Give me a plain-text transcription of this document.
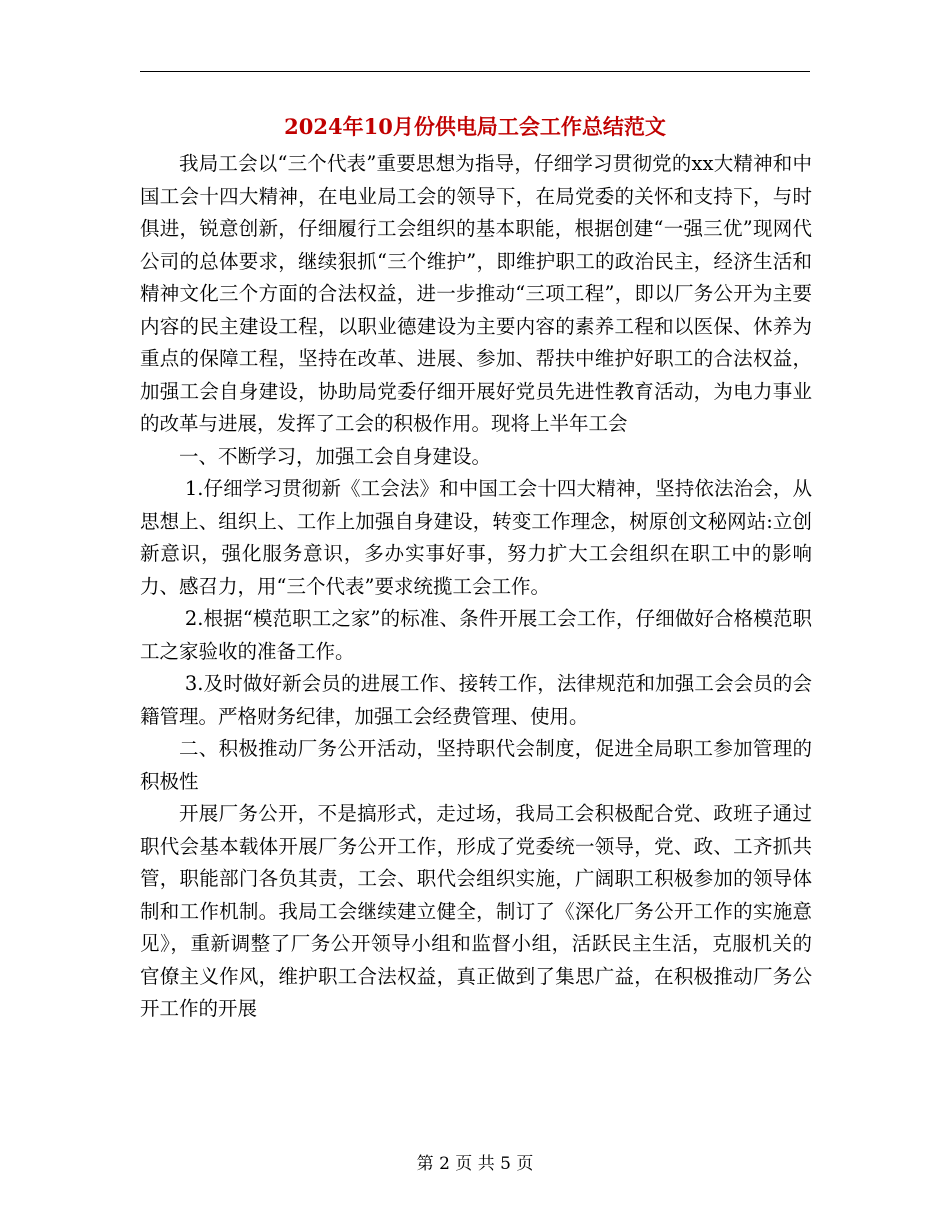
2024年10月份供电局工会工作总结范文

我局工会以“三个代表”重要思想为指导，仔细学习贯彻党的xx大精神和中国工会十四大精神，在电业局工会的领导下，在局党委的关怀和支持下，与时俱进，锐意创新，仔细履行工会组织的基本职能，根据创建“一强三优”现网代公司的总体要求，继续狠抓“三个维护”，即维护职工的政治民主，经济生活和精神文化三个方面的合法权益，进一步推动“三项工程”，即以厂务公开为主要内容的民主建设工程，以职业德建设为主要内容的素养工程和以医保、休养为重点的保障工程，坚持在改革、进展、参加、帮扶中维护好职工的合法权益，加强工会自身建设，协助局党委仔细开展好党员先进性教育活动，为电力事业的改革与进展，发挥了工会的积极作用。现将上半年工会

一、不断学习，加强工会自身建设。

1.仔细学习贯彻新《工会法》和中国工会十四大精神，坚持依法治会，从思想上、组织上、工作上加强自身建设，转变工作理念，树原创文秘网站:立创新意识，强化服务意识，多办实事好事，努力扩大工会组织在职工中的影响力、感召力，用“三个代表”要求统揽工会工作。

2.根据“模范职工之家”的标准、条件开展工会工作，仔细做好合格模范职工之家验收的准备工作。

3.及时做好新会员的进展工作、接转工作，法律规范和加强工会会员的会籍管理。严格财务纪律，加强工会经费管理、使用。

二、积极推动厂务公开活动，坚持职代会制度，促进全局职工参加管理的积极性

开展厂务公开，不是搞形式，走过场，我局工会积极配合党、政班子通过职代会基本载体开展厂务公开工作，形成了党委统一领导，党、政、工齐抓共管，职能部门各负其责，工会、职代会组织实施，广阔职工积极参加的领导体制和工作机制。我局工会继续建立健全，制订了《深化厂务公开工作的实施意见》，重新调整了厂务公开领导小组和监督小组，活跃民主生活，克服机关的官僚主义作风，维护职工合法权益，真正做到了集思广益，在积极推动厂务公开工作的开展

第 2 页 共 5 页
